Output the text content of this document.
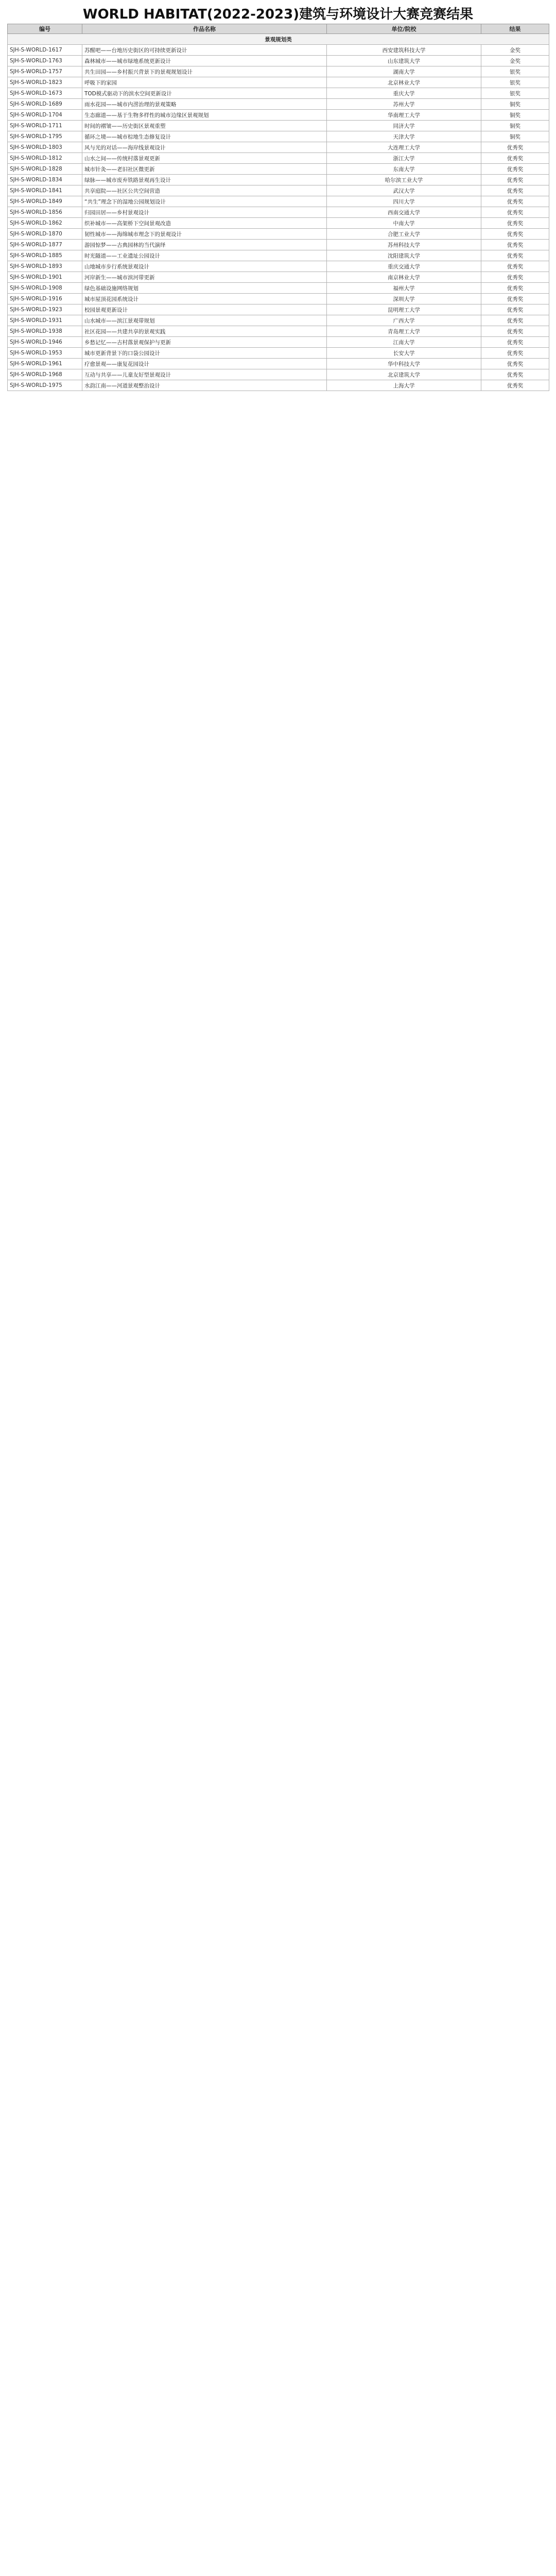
WORLD HABITAT(2022-2023)建筑与环境设计大赛竞赛结果
编号	作品名称	单位/院校	结果
景观规划类			
SJH-S-WORLD-1617	苏醒吧——台地历史街区的可持续更新设计	西安建筑科技大学	金奖
SJH-S-WORLD-1763	森林城市——城市绿地系统更新设计	山东建筑大学	金奖
SJH-S-WORLD-1757	共生田园——乡村振兴背景下的景观规划设计	湖南大学	银奖
SJH-S-WORLD-1823	呼吸下的家园	北京林业大学	银奖
SJH-S-WORLD-1673	TOD模式驱动下的滨水空间更新设计	重庆大学	银奖
SJH-S-WORLD-1689	雨水花园——城市内涝治理的景观策略	苏州大学	铜奖
SJH-S-WORLD-1704	生态廊道——基于生物多样性的城市边缘区景观规划	华南理工大学	铜奖
SJH-S-WORLD-1711	时间的褶皱——历史街区景观重塑	同济大学	铜奖
SJH-S-WORLD-1795	循环之境——城市棕地生态修复设计	天津大学	铜奖
SJH-S-WORLD-1803	风与光的对话——海岸线景观设计	大连理工大学	优秀奖
SJH-S-WORLD-1812	山水之间——传统村落景观更新	浙江大学	优秀奖
SJH-S-WORLD-1828	城市针灸——老旧社区微更新	东南大学	优秀奖
SJH-S-WORLD-1834	绿脉——城市废弃铁路景观再生设计	哈尔滨工业大学	优秀奖
SJH-S-WORLD-1841	共享庭院——社区公共空间营造	武汉大学	优秀奖
SJH-S-WORLD-1849	“共生”理念下的湿地公园规划设计	四川大学	优秀奖
SJH-S-WORLD-1856	归园田居——乡村景观设计	西南交通大学	优秀奖
SJH-S-WORLD-1862	织补城市——高架桥下空间景观改造	中南大学	优秀奖
SJH-S-WORLD-1870	韧性城市——海绵城市理念下的景观设计	合肥工业大学	优秀奖
SJH-S-WORLD-1877	游园惊梦——古典园林的当代演绎	苏州科技大学	优秀奖
SJH-S-WORLD-1885	时光隧道——工业遗址公园设计	沈阳建筑大学	优秀奖
SJH-S-WORLD-1893	山地城市步行系统景观设计	重庆交通大学	优秀奖
SJH-S-WORLD-1901	河岸新生——城市滨河带更新	南京林业大学	优秀奖
SJH-S-WORLD-1908	绿色基础设施网络规划	福州大学	优秀奖
SJH-S-WORLD-1916	城市屋顶花园系统设计	深圳大学	优秀奖
SJH-S-WORLD-1923	校园景观更新设计	昆明理工大学	优秀奖
SJH-S-WORLD-1931	山水城市——滨江景观带规划	广西大学	优秀奖
SJH-S-WORLD-1938	社区花园——共建共享的景观实践	青岛理工大学	优秀奖
SJH-S-WORLD-1946	乡愁记忆——古村落景观保护与更新	江南大学	优秀奖
SJH-S-WORLD-1953	城市更新背景下的口袋公园设计	长安大学	优秀奖
SJH-S-WORLD-1961	疗愈景观——康复花园设计	华中科技大学	优秀奖
SJH-S-WORLD-1968	互动与共享——儿童友好型景观设计	北京建筑大学	优秀奖
SJH-S-WORLD-1975	水韵江南——河道景观整治设计	上海大学	优秀奖
